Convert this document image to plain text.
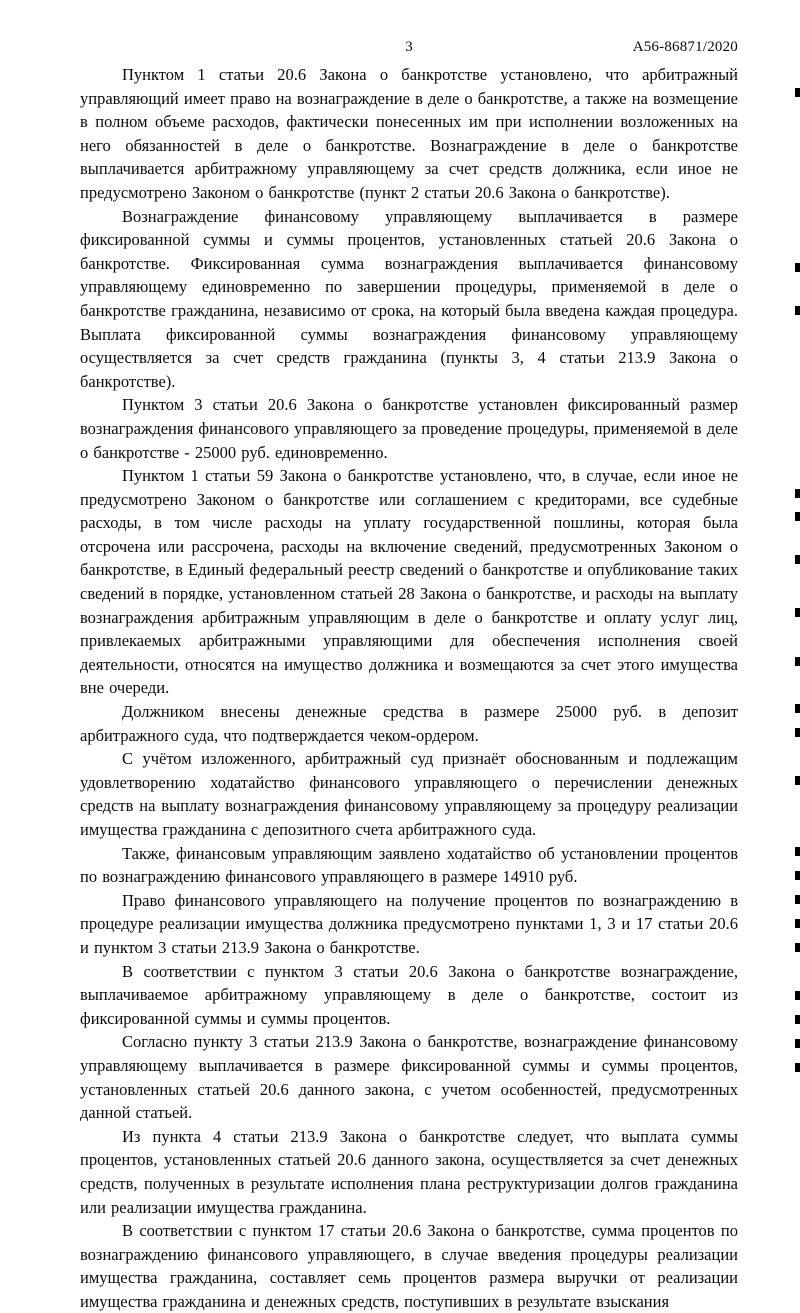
3	А56-86871/2020

Пунктом 1 статьи 20.6 Закона о банкротстве установлено, что арбитражный управляющий имеет право на вознаграждение в деле о банкротстве, а также на возмещение в полном объеме расходов, фактически понесенных им при исполнении возложенных на него обязанностей в деле о банкротстве. Вознаграждение в деле о банкротстве выплачивается арбитражному управляющему за счет средств должника, если иное не предусмотрено Законом о банкротстве (пункт 2 статьи 20.6 Закона о банкротстве).

Вознаграждение финансовому управляющему выплачивается в размере фиксированной суммы и суммы процентов, установленных статьей 20.6 Закона о банкротстве. Фиксированная сумма вознаграждения выплачивается финансовому управляющему единовременно по завершении процедуры, применяемой в деле о банкротстве гражданина, независимо от срока, на который была введена каждая процедура. Выплата фиксированной суммы вознаграждения финансовому управляющему осуществляется за счет средств гражданина (пункты 3, 4 статьи 213.9 Закона о банкротстве).

Пунктом 3 статьи 20.6 Закона о банкротстве установлен фиксированный размер вознаграждения финансового управляющего за проведение процедуры, применяемой в деле о банкротстве - 25000 руб. единовременно.

Пунктом 1 статьи 59 Закона о банкротстве установлено, что, в случае, если иное не предусмотрено Законом о банкротстве или соглашением с кредиторами, все судебные расходы, в том числе расходы на уплату государственной пошлины, которая была отсрочена или рассрочена, расходы на включение сведений, предусмотренных Законом о банкротстве, в Единый федеральный реестр сведений о банкротстве и опубликование таких сведений в порядке, установленном статьей 28 Закона о банкротстве, и расходы на выплату вознаграждения арбитражным управляющим в деле о банкротстве и оплату услуг лиц, привлекаемых арбитражными управляющими для обеспечения исполнения своей деятельности, относятся на имущество должника и возмещаются за счет этого имущества вне очереди.

Должником внесены денежные средства в размере 25000 руб. в депозит арбитражного суда, что подтверждается чеком-ордером.

С учётом изложенного, арбитражный суд признаёт обоснованным и подлежащим удовлетворению ходатайство финансового управляющего о перечислении денежных средств на выплату вознаграждения финансовому управляющему за процедуру реализации имущества гражданина с депозитного счета арбитражного суда.

Также, финансовым управляющим заявлено ходатайство об установлении процентов по вознаграждению финансового управляющего в размере 14910 руб.

Право финансового управляющего на получение процентов по вознаграждению в процедуре реализации имущества должника предусмотрено пунктами 1, 3 и 17 статьи 20.6 и пунктом 3 статьи 213.9 Закона о банкротстве.

В соответствии с пунктом 3 статьи 20.6 Закона о банкротстве вознаграждение, выплачиваемое арбитражному управляющему в деле о банкротстве, состоит из фиксированной суммы и суммы процентов.

Согласно пункту 3 статьи 213.9 Закона о банкротстве, вознаграждение финансовому управляющему выплачивается в размере фиксированной суммы и суммы процентов, установленных статьей 20.6 данного закона, с учетом особенностей, предусмотренных данной статьей.

Из пункта 4 статьи 213.9 Закона о банкротстве следует, что выплата суммы процентов, установленных статьей 20.6 данного закона, осуществляется за счет денежных средств, полученных в результате исполнения плана реструктуризации долгов гражданина или реализации имущества гражданина.

В соответствии с пунктом 17 статьи 20.6 Закона о банкротстве, сумма процентов по вознаграждению финансового управляющего, в случае введения процедуры реализации имущества гражданина, составляет семь процентов размера выручки от реализации имущества гражданина и денежных средств, поступивших в результате взыскания
